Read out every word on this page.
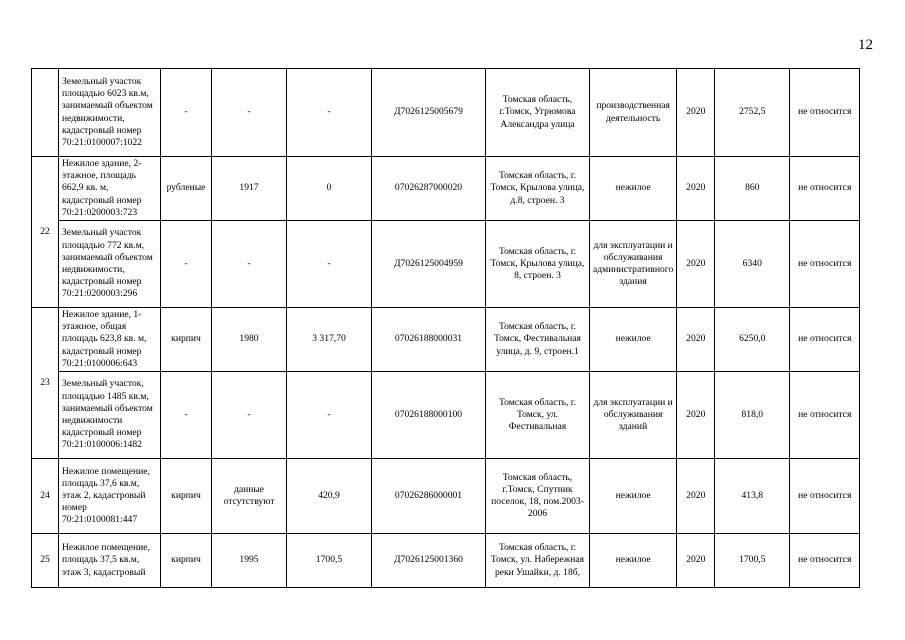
12
	Земельный участок площадью 6023 кв.м, занимаемый объектом недвижимости, кадастровый номер 70:21:0100007:1022	-	-	-	Д7026125005679	Томская область, г.Томск, Угрюмова Александра улица	производственная деятельность	2020	2752,5	не относится
22	Нежилое здание, 2-этажное, площадь 662,9 кв. м, кадастровый номер 70:21:0200003:723	рубленые	1917	0	07026287000020	Томская область, г. Томск, Крылова улица, д.8, строен. 3	нежилое	2020	860	не относится
	Земельный участок площадью 772 кв.м, занимаемый объектом недвижимости, кадастровый номер 70:21:0200003:296	-	-	-	Д7026125004959	Томская область, г. Томск, Крылова улица, 8, строен. 3	для эксплуатации и обслуживания административного здания	2020	6340	не относится
23	Нежилое здание, 1-этажное, общая площадь 623,8 кв. м, кадастровый номер 70:21:0100006:643	кирпич	1980	3 317,70	07026188000031	Томская область, г. Томск, Фестивальная улица, д. 9, строен.1	нежилое	2020	6250,0	не относится
	Земельный участок, площадью 1485 кв.м, занимаемый объектом недвижимости кадастровый номер 70:21:0100006:1482	-	-	-	07026188000100	Томская область, г. Томск, ул. Фестивальная	для эксплуатации и обслуживания зданий	2020	818,0	не относится
24	Нежилое помещение, площадь 37,6 кв.м, этаж 2, кадастровый номер 70:21:0100081:447	кирпич	данные отсутствуют	420,9	07026286000001	Томская область, г.Томск, Спутник поселок, 18, пом.2003-2006	нежилое	2020	413,8	не относится
25	Нежилое помещение, площадь 37,5 кв.м, этаж 3, кадастровый	кирпич	1995	1700,5	Д7026125001360	Томская область, г. Томск, ул. Набережная реки Ушайки, д. 18б,	нежилое	2020	1700,5	не относится
